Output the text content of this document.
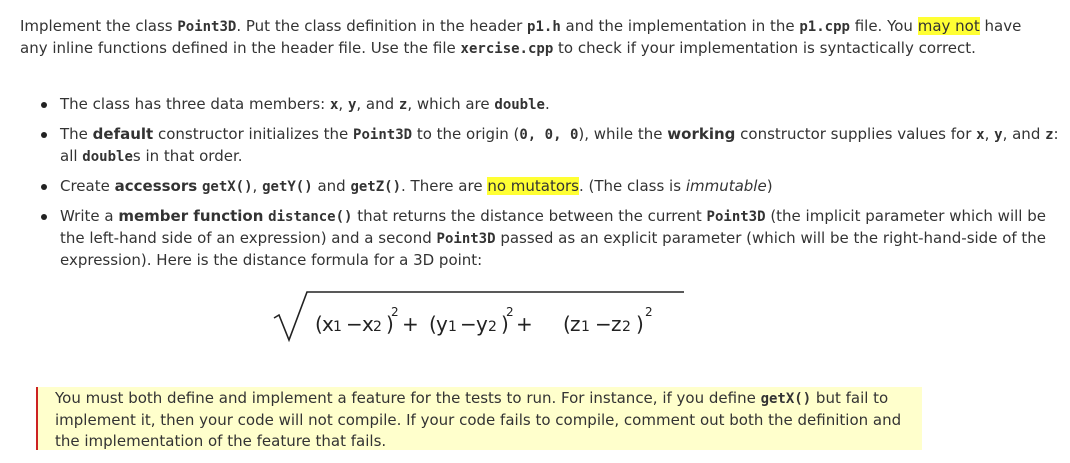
Implement the class Point3D. Put the class definition in the header p1.h and the implementation in the p1.cpp file. You may not have any inline functions defined in the header file. Use the file xercise.cpp to check if your implementation is syntactically correct.

The class has three data members: x, y, and z, which are double.
The default constructor initializes the Point3D to the origin (0, 0, 0), while the working constructor supplies values for x, y, and z: all doubles in that order.
Create accessors getX(), getY() and getZ(). There are no mutators. (The class is immutable)
Write a member function distance() that returns the distance between the current Point3D (the implicit parameter which will be the left-hand side of an expression) and a second Point3D passed as an explicit parameter (which will be the right-hand-side of the expression). Here is the distance formula for a 3D point:
( x 1 − x 2 )
2 + ( y 1 − y 2 )
2 + ( z 1 − z 2 ) 2

You must both define and implement a feature for the tests to run. For instance, if you define getX() but fail to implement it, then your code will not compile. If your code fails to compile, comment out both the definition and the implementation of the feature that fails.
